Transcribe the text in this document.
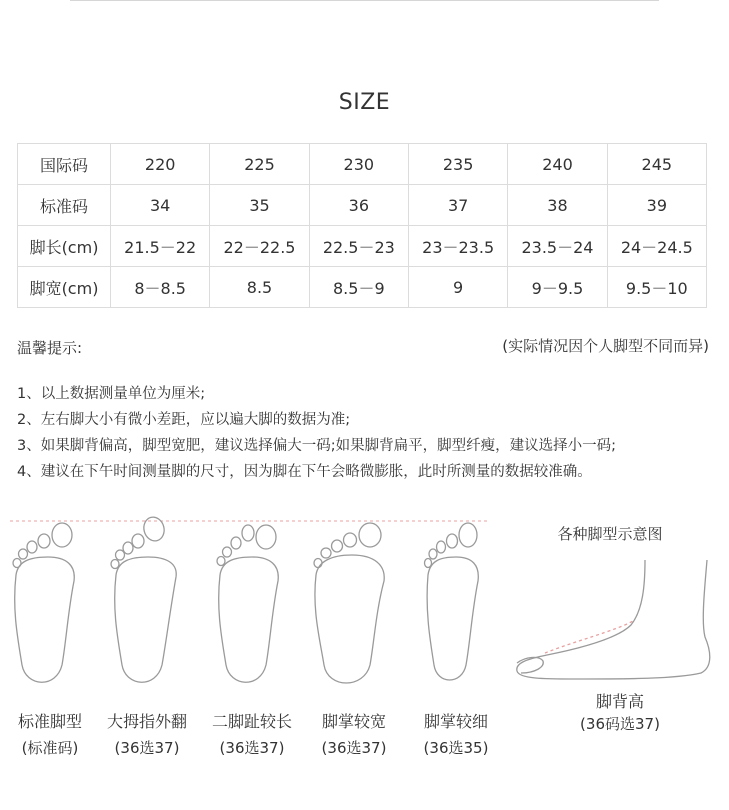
SIZE
国际码	220	225	230	235	240	245
标准码	34	35	36	37	38	39
脚长(cm)	21.5－22	22－22.5	22.5－23	23－23.5	23.5－24	24－24.5
脚宽(cm)	8－8.5	8.5	8.5－9	9	9－9.5	9.5－10
温馨提示:	(实际情况因个人脚型不同而异)
1、以上数据测量单位为厘米;
2、左右脚大小有微小差距，应以遍大脚的数据为准;
3、如果脚背偏高，脚型宽肥，建议选择偏大一码;如果脚背扁平，脚型纤瘦，建议选择小一码;
4、建议在下午时间测量脚的尺寸，因为脚在下午会略微膨胀，此时所测量的数据较准确。
标准脚型
(标准码)
大拇指外翻
(36选37)
二脚趾较长
(36选37)
脚掌较宽
(36选37)
脚掌较细
(36选35)
各种脚型示意图
脚背高
(36码选37)
